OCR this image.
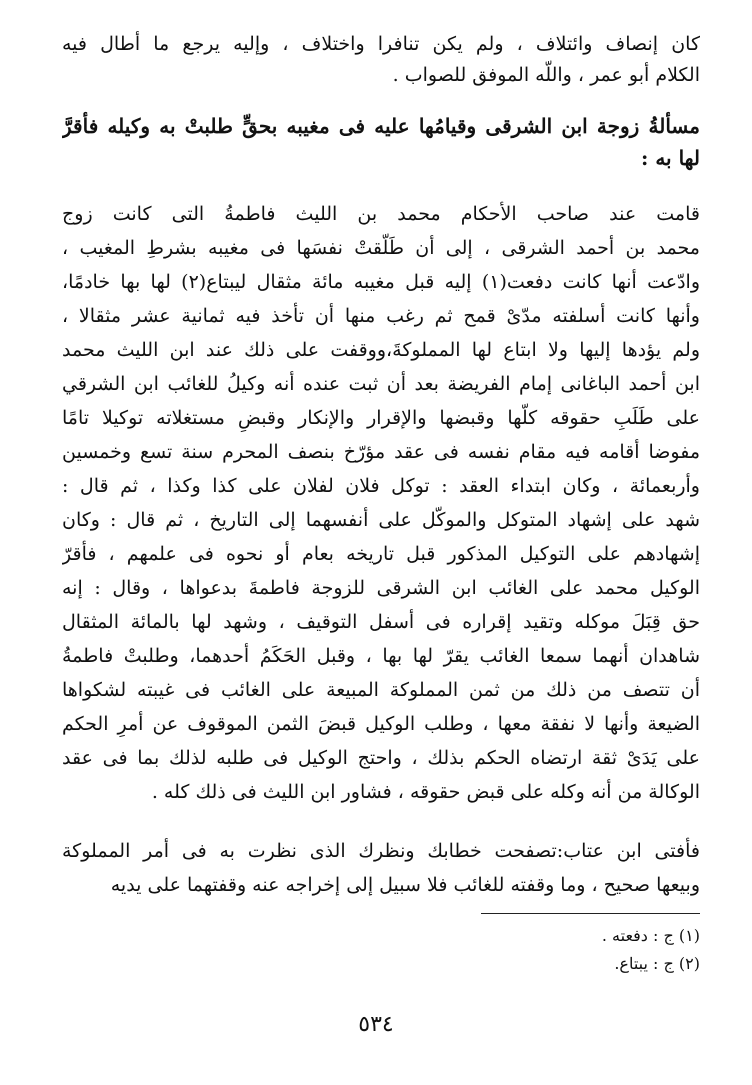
كان إنصاف وائتلاف ، ولم يكن تنافرا واختلاف ، وإليه يرجع ما أطال فيه
الكلام أبو عمر ، واللّه الموفق للصواب .
مسألةُ زوجة ابن الشرقى وقيامُها عليه فى مغيبه بحقٍّ طلبتْ به وكيله فأقرَّ
لها به :
قامت عند صاحب الأحكام محمد بن الليث فاطمةُ التى كانت زوج
محمد بن أحمد الشرقى ، إلى أن طَلّقتْ نفسَها فى مغيبه بشرطِ المغيب ،
وادّعت أنها كانت دفعت(١) إليه قبل مغيبه مائة مثقال ليبتاع(٢) لها بها خادمًا،
وأنها كانت أسلفته مدّىْ قمح ثم رغب منها أن تأخذ فيه ثمانية عشر مثقالا ،
ولم يؤدها إليها ولا ابتاع لها المملوكةَ،ووقفت على ذلك عند ابن الليث محمد
ابن أحمد الباغانى إمام الفريضة بعد أن ثبت عنده أنه وكيلُ للغائب ابن الشرقي
على طَلَبِ حقوقه كلّها وقبضها والإقرار والإنكار وقبضِ مستغلاته توكيلا تامًا
مفوضا أقامه فيه مقام نفسه فى عقد مؤرّخ بنصف المحرم سنة تسع وخمسين
وأربعمائة ، وكان ابتداء العقد : توكل فلان لفلان على كذا وكذا ، ثم قال :
شهد على إشهاد المتوكل والموكّل على أنفسهما إلى التاريخ ، ثم قال : وكان
إشهادهم على التوكيل المذكور قبل تاريخه بعام أو نحوه فى علمهم ، فأقرّ
الوكيل محمد على الغائب ابن الشرقى للزوجة فاطمةَ بدعواها ، وقال : إنه
حق قِبَلَ موكله وتقيد إقراره فى أسفل التوقيف ، وشهد لها بالمائة المثقال
شاهدان أنهما سمعا الغائب يقرّ لها بها ، وقبل الحَكَمُ أحدهما، وطلبتْ فاطمةُ
أن تتصف من ذلك من ثمن المملوكة المبيعة على الغائب فى غيبته لشكواها
الضيعة وأنها لا نفقة معها ، وطلب الوكيل قبضَ الثمن الموقوف عن أمرِ الحكم
على يَدَىْ ثقة ارتضاه الحكم بذلك ، واحتج الوكيل فى طلبه لذلك بما فى عقد
الوكالة من أنه وكله على قبض حقوقه ، فشاور ابن الليث فى ذلك كله .
فأفتى ابن عتاب:تصفحت خطابك ونظرك الذى نظرت به فى أمر المملوكة
وبيعها صحيح ، وما وقفته للغائب فلا سبيل إلى إخراجه عنه وقفتهما على يديه
(١) ج : دفعته .
(٢) ج : يبتاع.
٥٣٤
